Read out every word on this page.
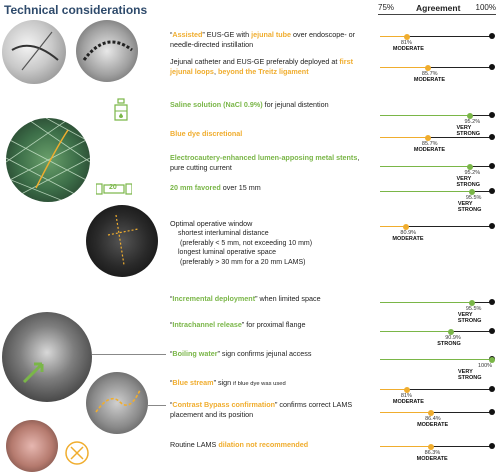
Technical considerations	75%	Agreement 100%
20
“Assisted” EUS-GE with jejunal tube over endoscope- or needle-directed instillation
Jejunal catheter and EUS-GE preferably deployed at first jejunal loops, beyond the Treitz ligament
Saline solution (NaCl 0.9%) for jejunal distention
Blue dye discretional
Electrocautery-enhanced lumen-apposing metal stents, pure cutting current
20 mm favored over 15 mm
Optimal operative window
“Incremental deployment” when limited space
“Intrachannel release” for proximal flange
“Boiling water” sign confirms jejunal access
“Blue stream” sign if blue dye was used
“Contrast Bypass confirmation” confirms correct LAMS placement and its position
Routine LAMS dilation not recommended
shortest interluminal distance
(preferably < 5 mm, not exceeding 10 mm)
longest luminal operative space
(preferably > 30 mm for a 20 mm LAMS)
81%
MODERATE
85.7%
MODERATE
95.2%
VERY STRONG
85.7%
MODERATE
95.2%
VERY STRONG
95.5%
VERY STRONG
80.9%
MODERATE
95.5%
VERY STRONG
90.9%
STRONG
100%
VERY STRONG
81%
MODERATE
86.4%
MODERATE
86.3%
MODERATE
